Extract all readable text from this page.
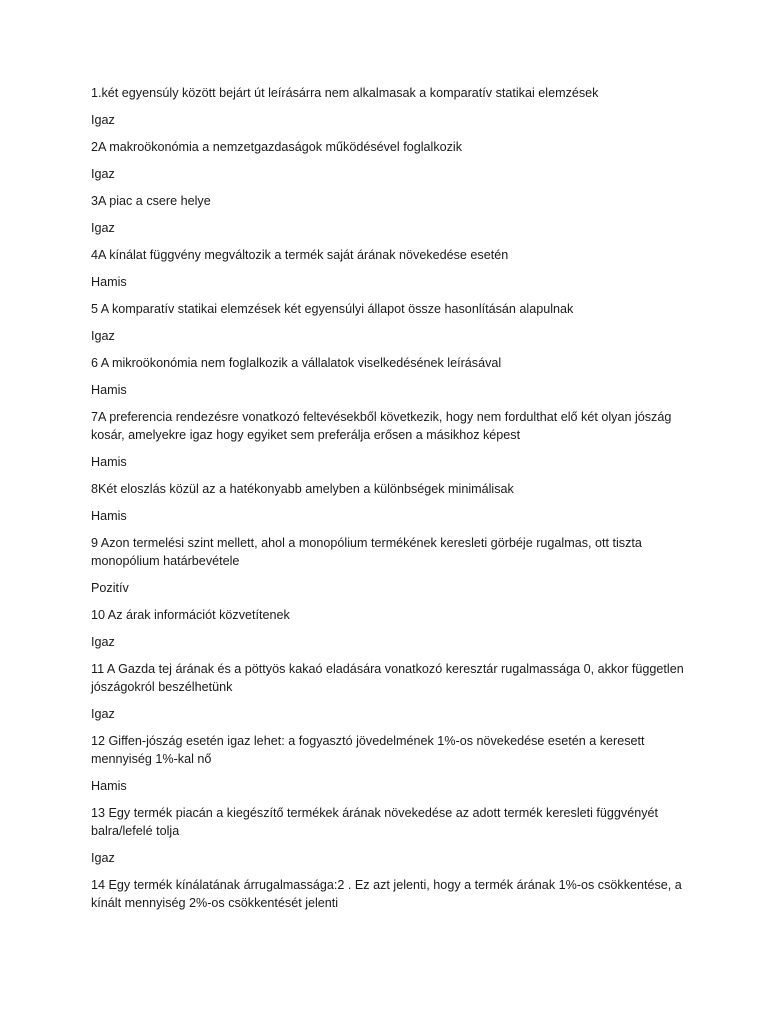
1.két egyensúly között bejárt út leírásárra nem alkalmasak a komparatív statikai elemzések

Igaz

2A makroökonómia a nemzetgazdaságok működésével foglalkozik

Igaz

3A piac a csere helye

Igaz

4A kínálat függvény megváltozik a termék saját árának növekedése esetén

Hamis

5 A komparatív statikai elemzések két egyensúlyi állapot össze hasonlításán alapulnak

Igaz

6 A mikroökonómia nem foglalkozik a vállalatok viselkedésének leírásával

Hamis

7A preferencia rendezésre vonatkozó feltevésekből következik, hogy nem fordulthat elő két olyan jószág kosár, amelyekre igaz hogy egyiket sem preferálja erősen a másikhoz képest

Hamis

8Két eloszlás közül az a hatékonyabb amelyben a különbségek minimálisak

Hamis

9 Azon termelési szint mellett, ahol a monopólium termékének keresleti görbéje rugalmas, ott tiszta monopólium határbevétele

Pozitív

10 Az árak információt közvetítenek

Igaz

11 A Gazda tej árának és a pöttyös kakaó eladására vonatkozó keresztár rugalmassága 0, akkor független jószágokról beszélhetünk

Igaz

12 Giffen-jószág esetén igaz lehet: a fogyasztó jövedelmének 1%-os növekedése esetén a keresett mennyiség 1%-kal nő

Hamis

13 Egy termék piacán a kiegészítő termékek árának növekedése az adott termék keresleti függvényét balra/lefelé tolja

Igaz

14 Egy termék kínálatának árrugalmassága:2 . Ez azt jelenti, hogy a termék árának 1%-os csökkentése, a kínált mennyiség 2%-os csökkentését jelenti
